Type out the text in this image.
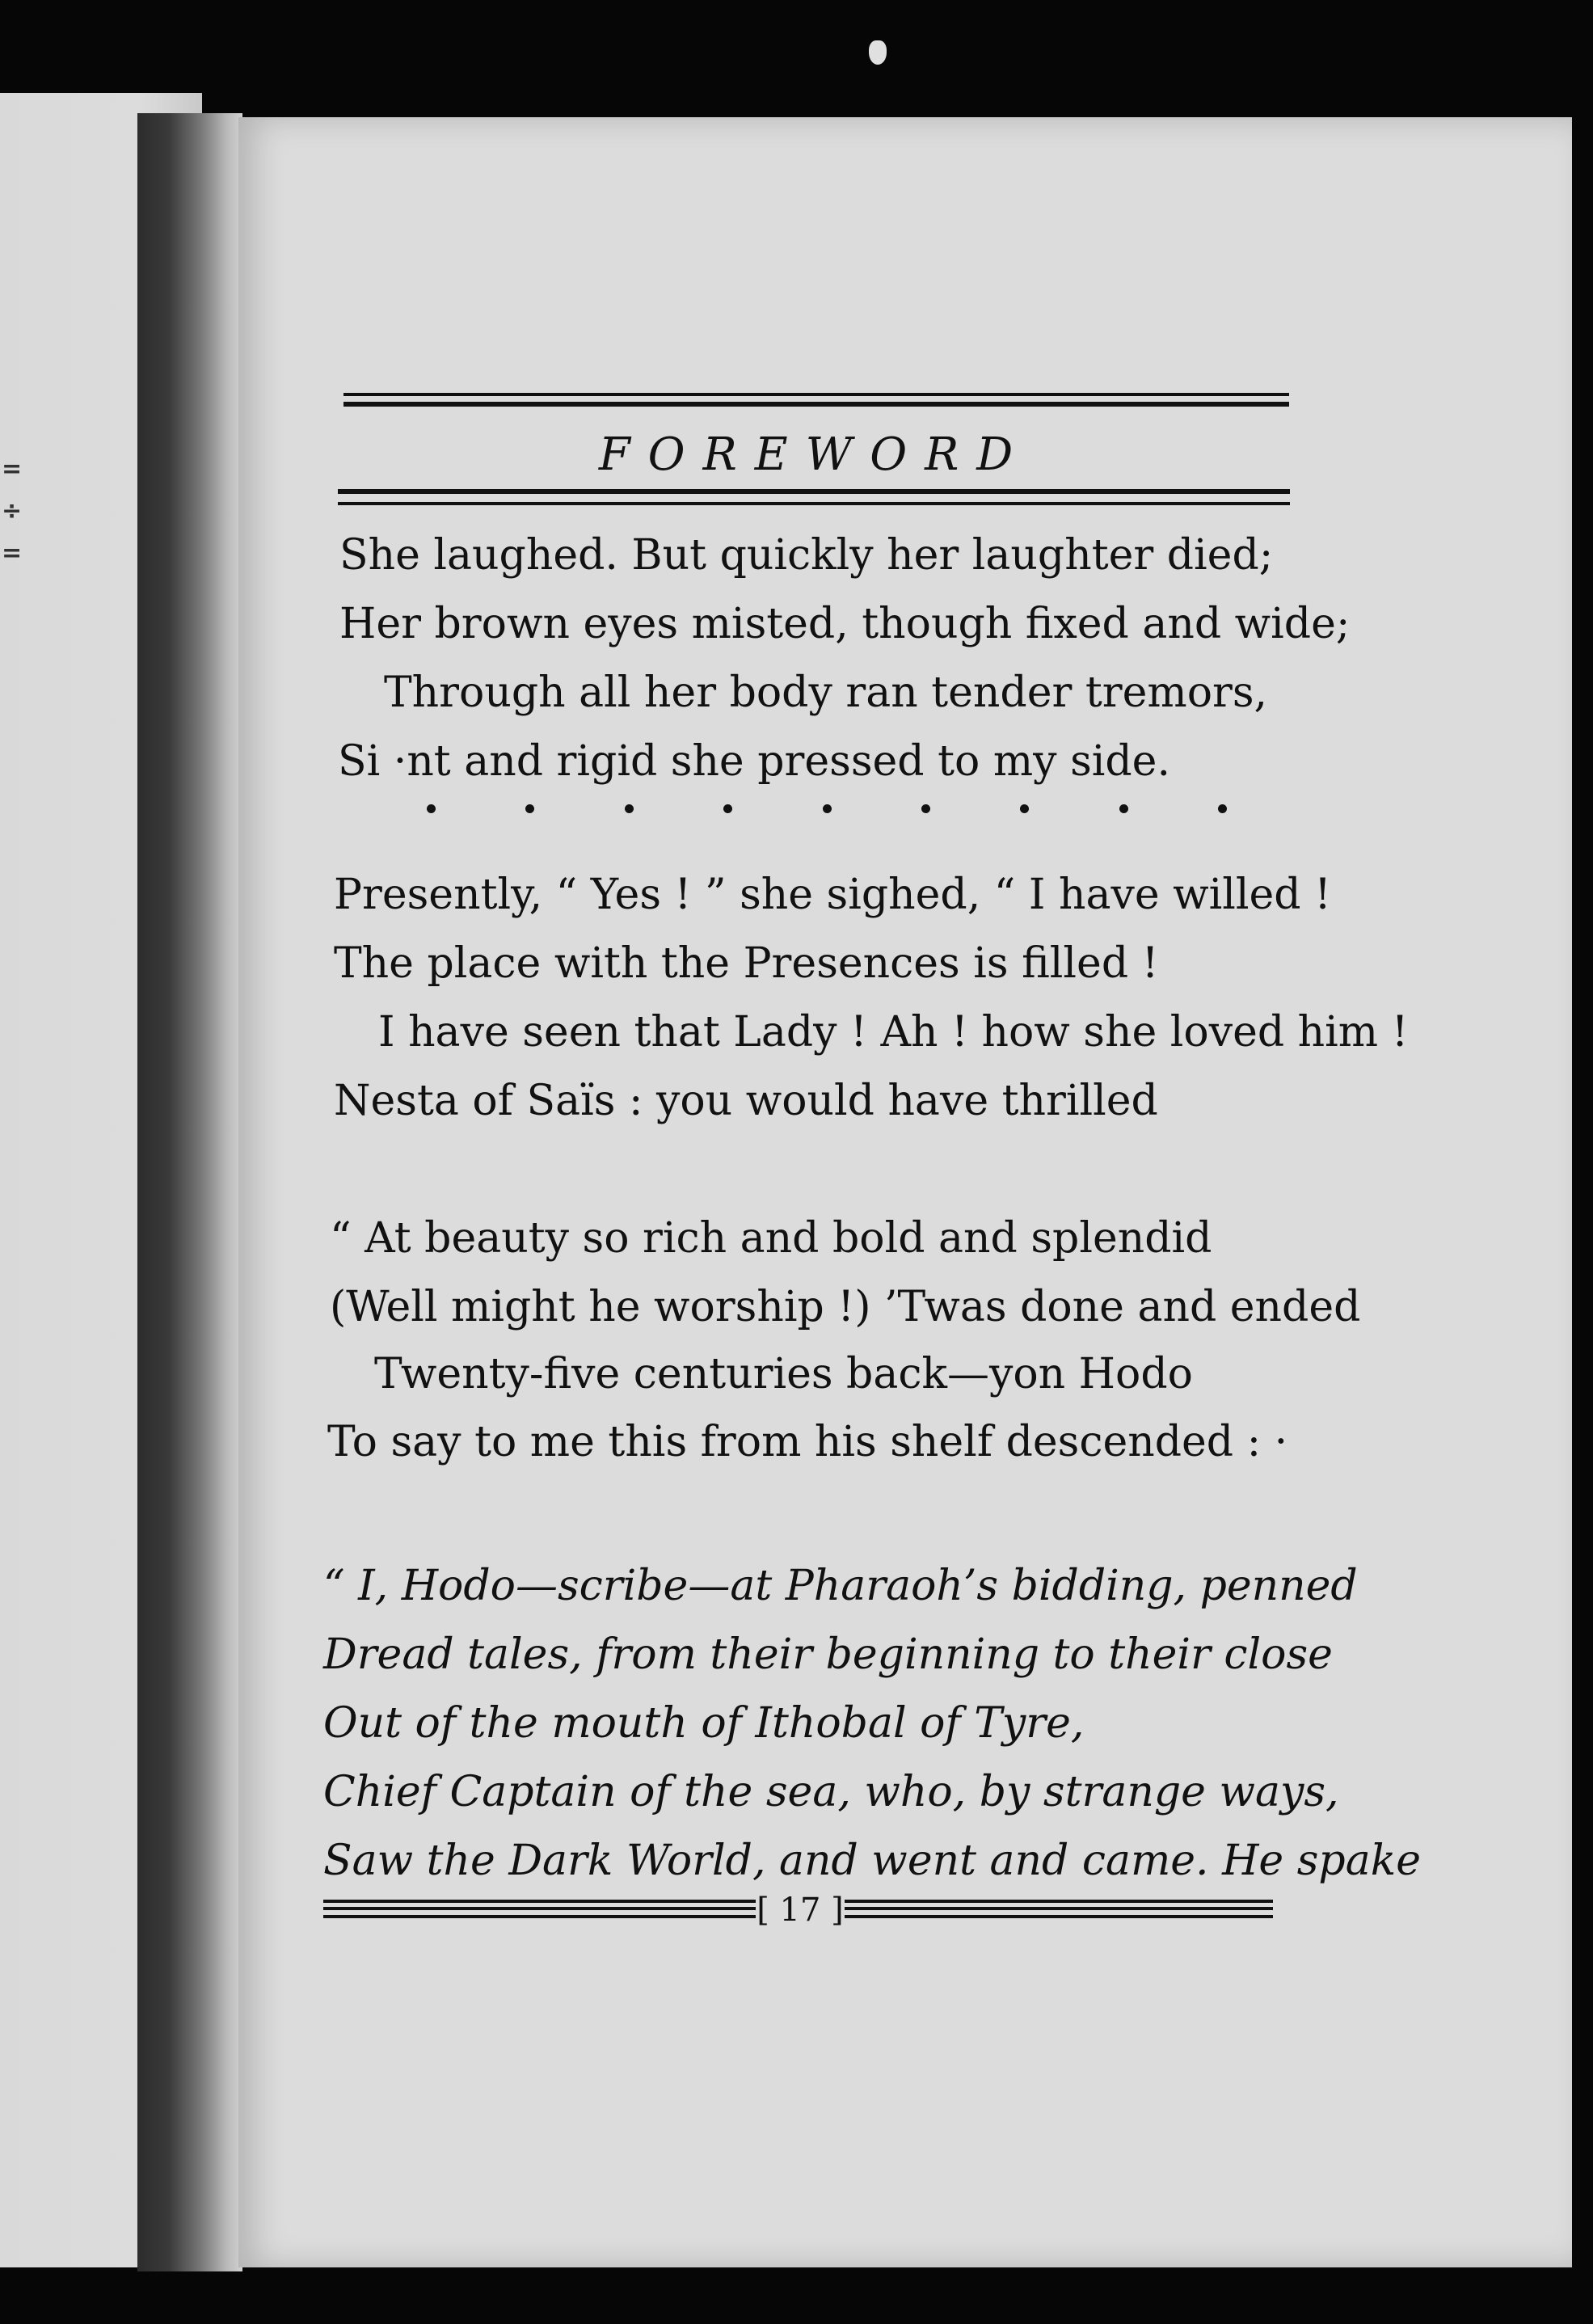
= ÷ =
FOREWORD
She laughed. But quickly her laughter died;
Her brown eyes misted, though fixed and wide;
Through all her body ran tender tremors,
Si ·nt and rigid she pressed to my side.
Presently, “ Yes ! ” she sighed, “ I have willed !
The place with the Presences is filled !
I have seen that Lady ! Ah ! how she loved him !
Nesta of Saïs : you would have thrilled
“ At beauty so rich and bold and splendid
(Well might he worship !) ’Twas done and ended
Twenty-five centuries back—yon Hodo
To say to me this from his shelf descended : ·
“ I, Hodo—scribe—at Pharaoh’s bidding, penned
Dread tales, from their beginning to their close
Out of the mouth of Ithobal of Tyre,
Chief Captain of the sea, who, by strange ways,
Saw the Dark World, and went and came. He spake
[ 17 ]
